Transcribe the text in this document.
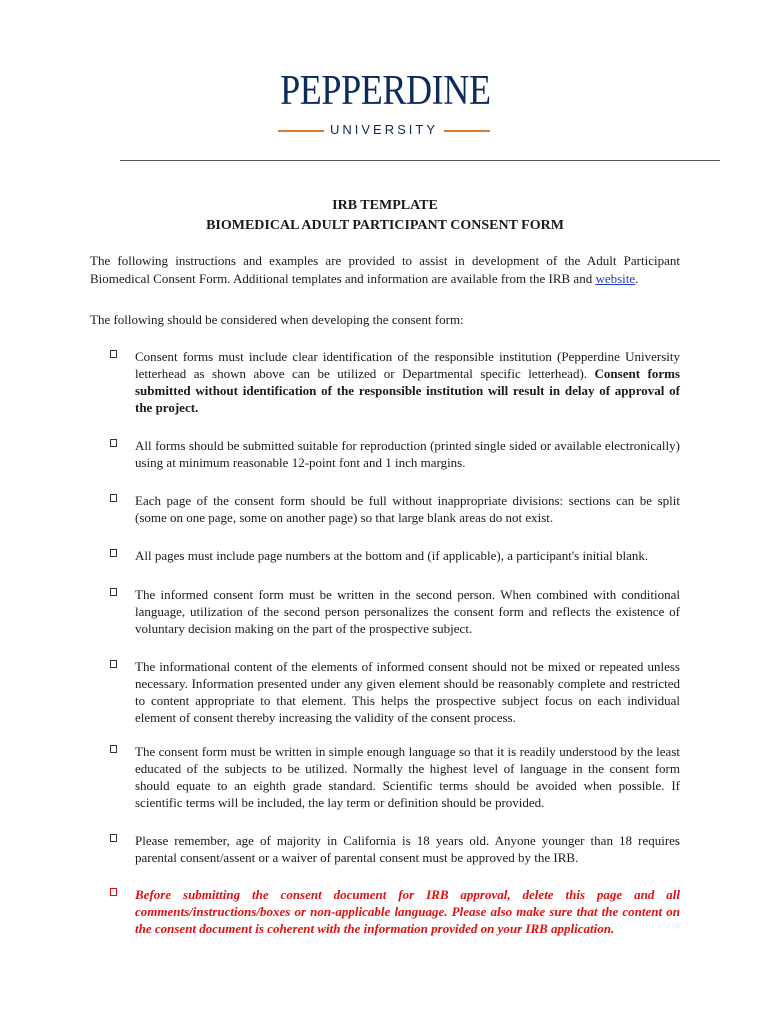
PEPPERDINE
UNIVERSITY
IRB TEMPLATE
BIOMEDICAL ADULT PARTICIPANT CONSENT FORM
The following instructions and examples are provided to assist in development of the Adult Participant Biomedical Consent Form. Additional templates and information are available from the IRB and website.
The following should be considered when developing the consent form:
Consent forms must include clear identification of the responsible institution (Pepperdine University letterhead as shown above can be utilized or Departmental specific letterhead). Consent forms submitted without identification of the responsible institution will result in delay of approval of the project.
All forms should be submitted suitable for reproduction (printed single sided or available electronically) using at minimum reasonable 12-point font and 1 inch margins.
Each page of the consent form should be full without inappropriate divisions: sections can be split (some on one page, some on another page) so that large blank areas do not exist.
All pages must include page numbers at the bottom and (if applicable), a participant's initial blank.
The informed consent form must be written in the second person. When combined with conditional language, utilization of the second person personalizes the consent form and reflects the existence of voluntary decision making on the part of the prospective subject.
The informational content of the elements of informed consent should not be mixed or repeated unless necessary. Information presented under any given element should be reasonably complete and restricted to content appropriate to that element. This helps the prospective subject focus on each individual element of consent thereby increasing the validity of the consent process.
The consent form must be written in simple enough language so that it is readily understood by the least educated of the subjects to be utilized. Normally the highest level of language in the consent form should equate to an eighth grade standard. Scientific terms should be avoided when possible. If scientific terms will be included, the lay term or definition should be provided.
Please remember, age of majority in California is 18 years old. Anyone younger than 18 requires parental consent/assent or a waiver of parental consent must be approved by the IRB.
Before submitting the consent document for IRB approval, delete this page and all comments/instructions/boxes or non-applicable language. Please also make sure that the content on the consent document is coherent with the information provided on your IRB application.
